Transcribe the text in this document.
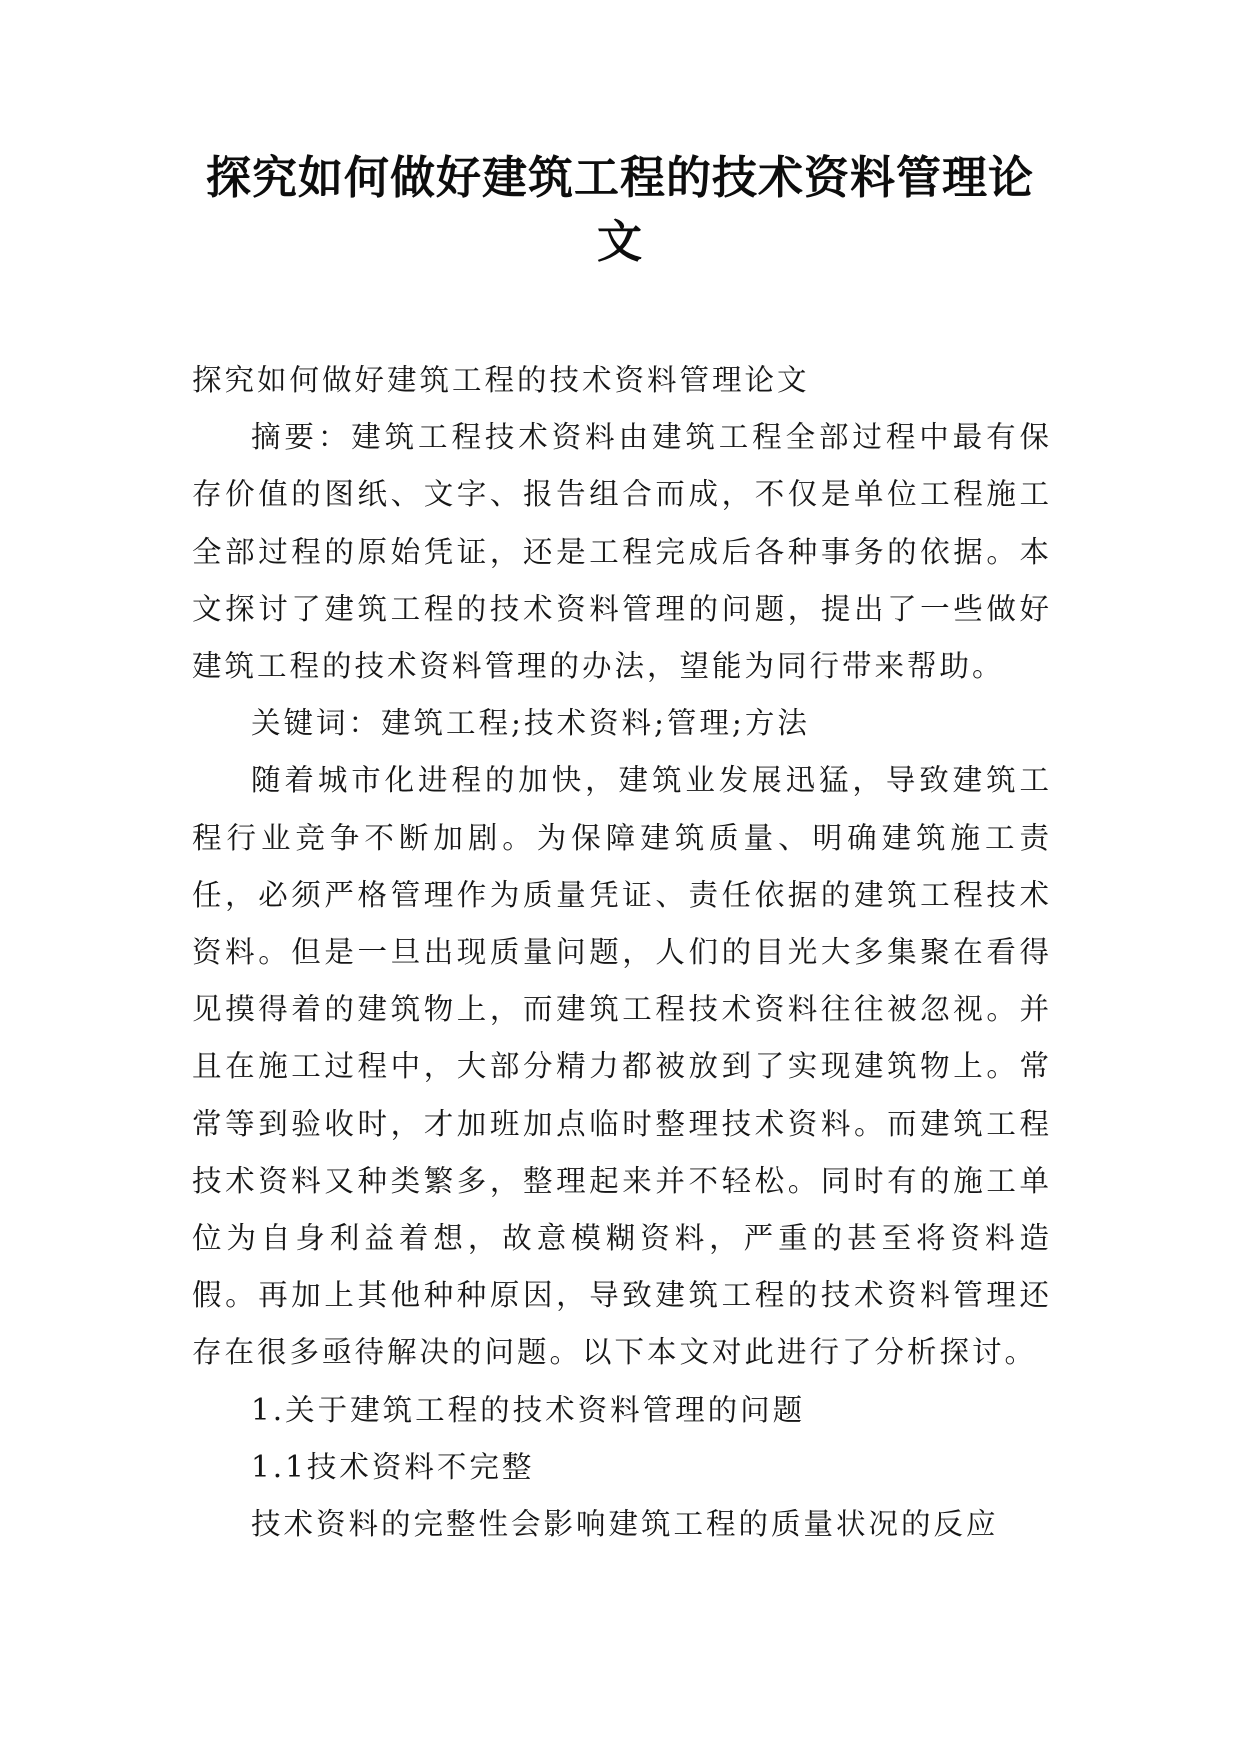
探究如何做好建筑工程的技术资料管理论文

探究如何做好建筑工程的技术资料管理论文

摘要：建筑工程技术资料由建筑工程全部过程中最有保存价值的图纸、文字、报告组合而成，不仅是单位工程施工全部过程的原始凭证，还是工程完成后各种事务的依据。本文探讨了建筑工程的技术资料管理的问题，提出了一些做好建筑工程的技术资料管理的办法，望能为同行带来帮助。

关键词：建筑工程;技术资料;管理;方法

随着城市化进程的加快，建筑业发展迅猛，导致建筑工程行业竞争不断加剧。为保障建筑质量、明确建筑施工责任，必须严格管理作为质量凭证、责任依据的建筑工程技术资料。但是一旦出现质量问题，人们的目光大多集聚在看得见摸得着的建筑物上，而建筑工程技术资料往往被忽视。并且在施工过程中，大部分精力都被放到了实现建筑物上。常常等到验收时，才加班加点临时整理技术资料。而建筑工程技术资料又种类繁多，整理起来并不轻松。同时有的施工单位为自身利益着想，故意模糊资料，严重的甚至将资料造假。再加上其他种种原因，导致建筑工程的技术资料管理还存在很多亟待解决的问题。以下本文对此进行了分析探讨。

1.关于建筑工程的技术资料管理的问题

1.1技术资料不完整

技术资料的完整性会影响建筑工程的质量状况的反应
